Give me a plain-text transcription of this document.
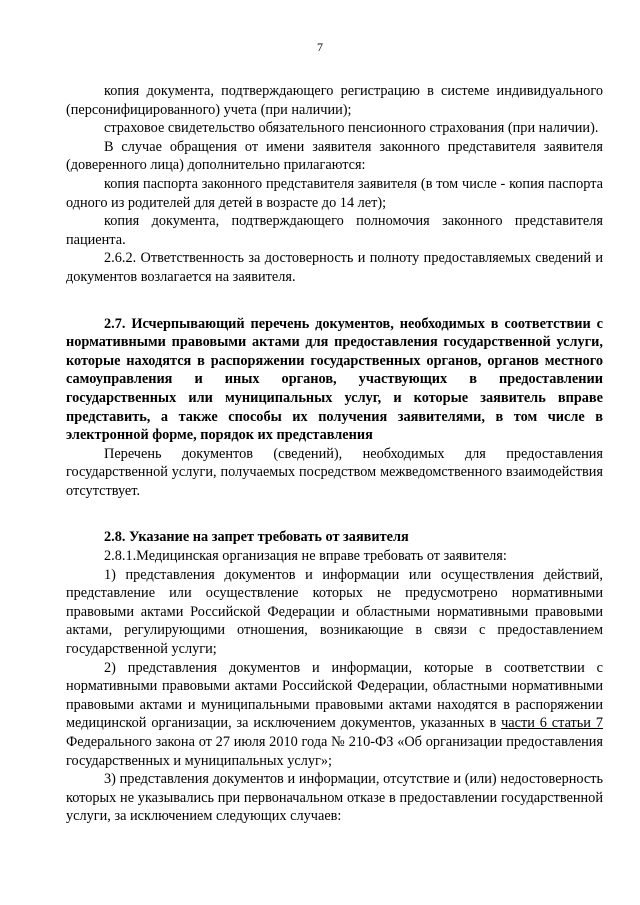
7

копия документа, подтверждающего регистрацию в системе индивидуального (персонифицированного) учета (при наличии);

страховое свидетельство обязательного пенсионного страхования (при наличии).

В случае обращения от имени заявителя законного представителя заявителя (доверенного лица) дополнительно прилагаются:

копия паспорта законного представителя заявителя (в том числе - копия паспорта одного из родителей для детей в возрасте до 14 лет);

копия документа, подтверждающего полномочия законного представителя пациента.

2.6.2. Ответственность за достоверность и полноту предоставляемых сведений и документов возлагается на заявителя.

2.7. Исчерпывающий перечень документов, необходимых в соответствии с нормативными правовыми актами для предоставления государственной услуги, которые находятся в распоряжении государственных органов, органов местного самоуправления и иных органов, участвующих в предоставлении государственных или муниципальных услуг, и которые заявитель вправе представить, а также способы их получения заявителями, в том числе в электронной форме, порядок их представления

Перечень документов (сведений), необходимых для предоставления государственной услуги, получаемых посредством межведомственного взаимодействия отсутствует.

2.8. Указание на запрет требовать от заявителя

2.8.1.Медицинская организация не вправе требовать от заявителя:

1) представления документов и информации или осуществления действий, представление или осуществление которых не предусмотрено нормативными правовыми актами Российской Федерации и областными нормативными правовыми актами, регулирующими отношения, возникающие в связи с предоставлением государственной услуги;

2) представления документов и информации, которые в соответствии с нормативными правовыми актами Российской Федерации, областными нормативными правовыми актами и муниципальными правовыми актами находятся в распоряжении медицинской организации, за исключением документов, указанных в части 6 статьи 7 Федерального закона от 27 июля 2010 года № 210-ФЗ «Об организации предоставления государственных и муниципальных услуг»;

3) представления документов и информации, отсутствие и (или) недостоверность которых не указывались при первоначальном отказе в предоставлении государственной услуги, за исключением следующих случаев:
